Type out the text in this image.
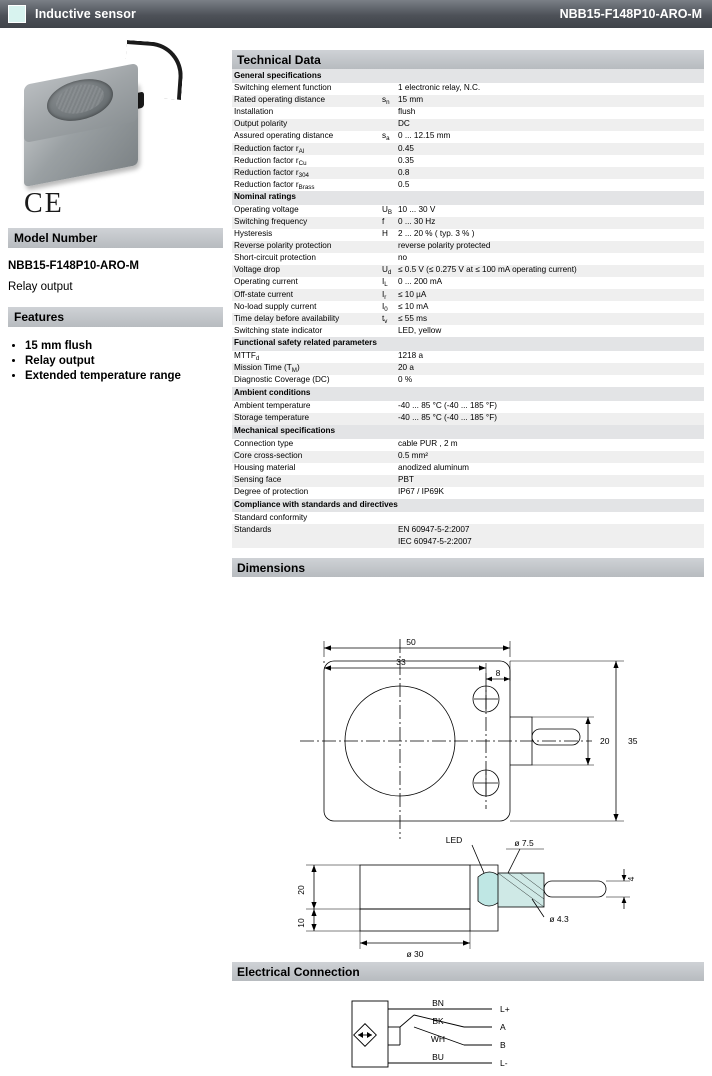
Inductive sensor	NBB15-F148P10-ARO-M
CE
Model Number
NBB15-F148P10-ARO-M
Relay output
Features
• 15 mm flush
• Relay output
• Extended temperature range
Technical Data
General specifications		
Switching element function		1 electronic relay, N.C.
Rated operating distance	$s_n$	15 mm
Installation		flush
Output polarity		DC
Assured operating distance	$s_a$	0 ... 12.15 mm
Reduction factor $r_{Al}$		0.45
Reduction factor $r_{Cu}$		0.35
Reduction factor $r_{304}$		0.8
Reduction factor $r_{Brass}$		0.5
Nominal ratings		
Operating voltage	$U_B$	10 ... 30 V
Switching frequency	f	0 ... 30 Hz
Hysteresis	H	2 ... 20 % ( typ. 3 % )
Reverse polarity protection		reverse polarity protected
Short-circuit protection		no
Voltage drop	$U_d$	≤ 0.5 V (≤ 0.275 V at ≤ 100 mA operating current)
Operating current	$I_L$	0 ... 200 mA
Off-state current	$I_r$	≤ 10 µA
No-load supply current	$I_0$	≤ 10 mA
Time delay before availability	$t_v$	≤ 55 ms
Switching state indicator		LED, yellow
Functional safety related parameters		
$MTTF_d$		1218 a
Mission Time $(T_M)$		20 a
Diagnostic Coverage (DC)		0 %
Ambient conditions		
Ambient temperature		-40 ... 85 °C (-40 ... 185 °F)
Storage temperature		-40 ... 85 °C (-40 ... 185 °F)
Mechanical specifications		
Connection type		cable PUR , 2 m
Core cross-section		0.5 mm²
Housing material		anodized aluminum
Sensing face		PBT
Degree of protection		IP67 / IP69K
Compliance with standards and directives		
Standard conformity		
Standards		EN 60947-5-2:2007
		IEC 60947-5-2:2007
Dimensions
50
33
8
35
20
20
10
ø 30
LED	ø 7.5
ø 4.3
4
Electrical Connection
BN
BK
WH
BU
L+
A
B
L-
